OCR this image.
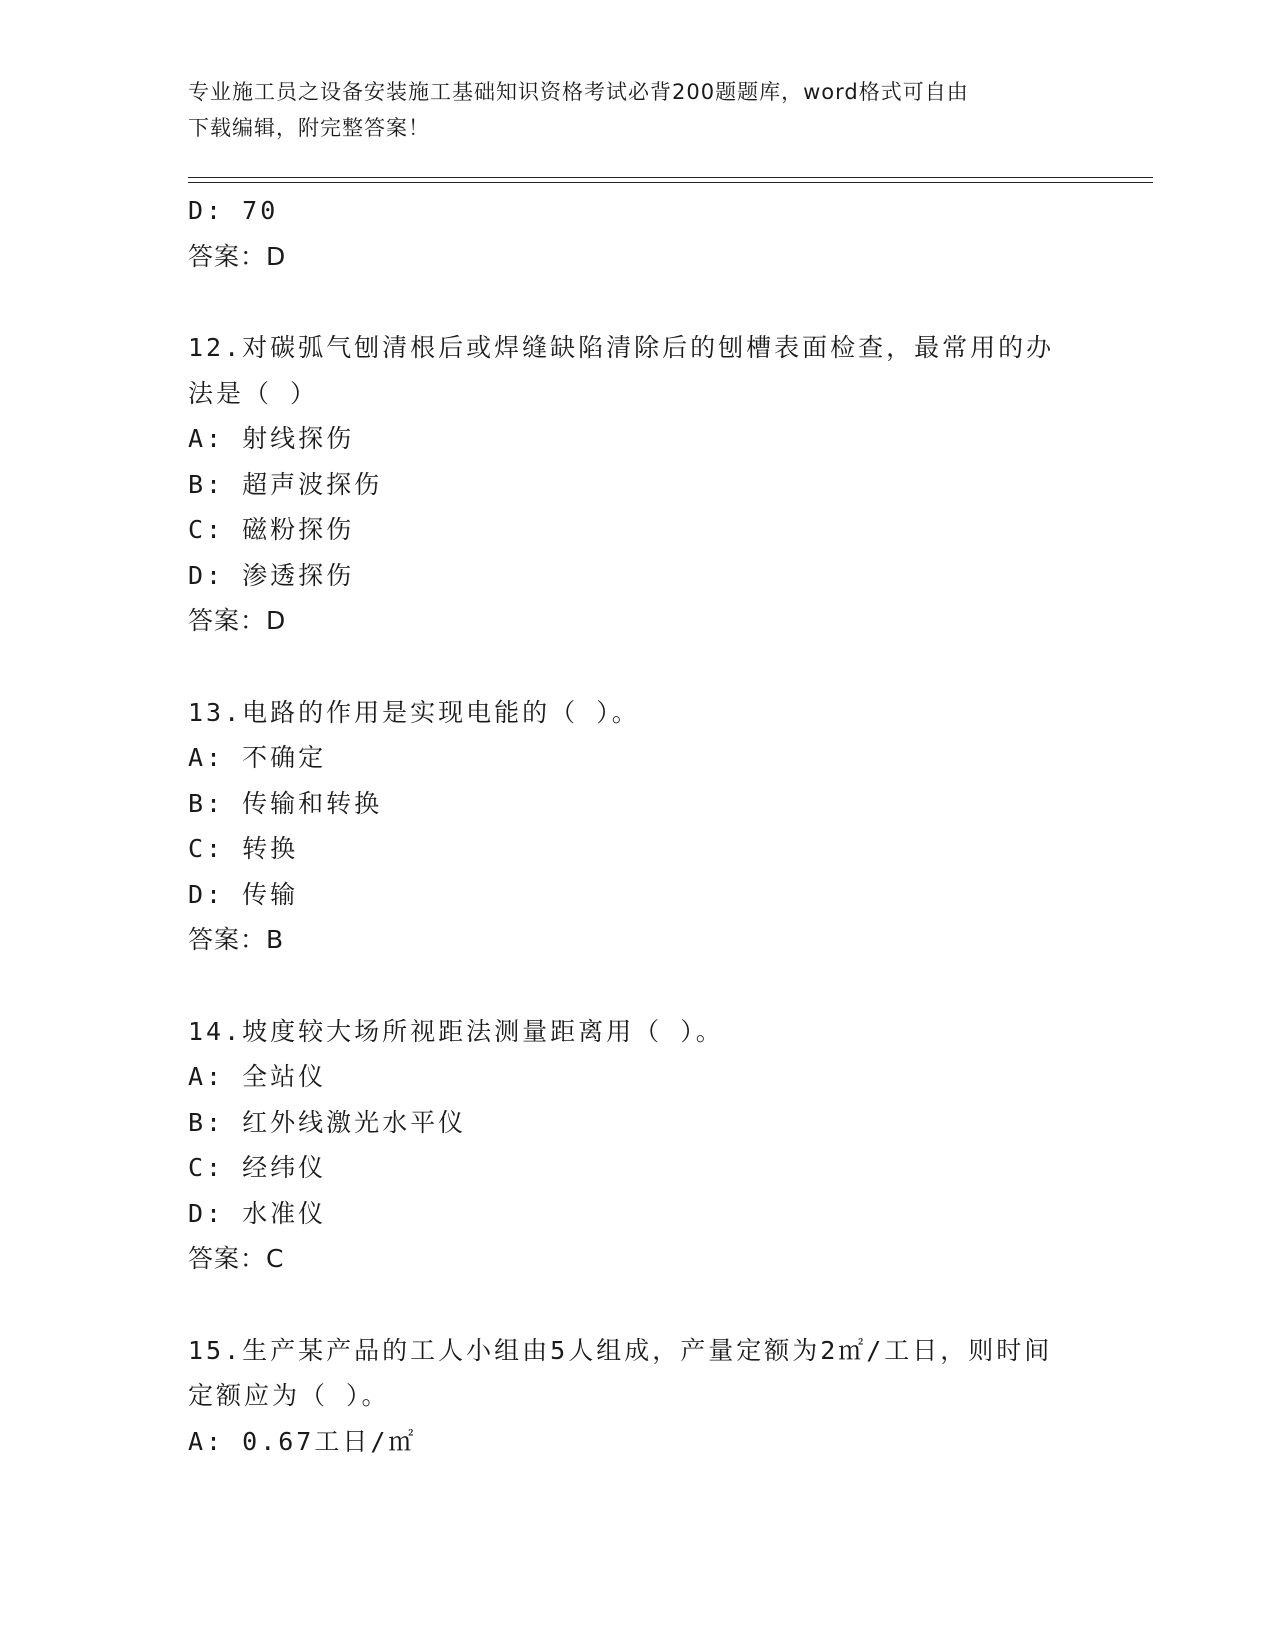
专业施工员之设备安装施工基础知识资格考试必背200题题库，word格式可自由
下载编辑，附完整答案！
D: 70
答案：D
12.对碳弧气刨清根后或焊缝缺陷清除后的刨槽表面检查，最常用的办
法是（ ）
A: 射线探伤
B: 超声波探伤
C: 磁粉探伤
D: 渗透探伤
答案：D
13.电路的作用是实现电能的（ ）。
A: 不确定
B: 传输和转换
C: 转换
D: 传输
答案：B
14.坡度较大场所视距法测量距离用（ ）。
A: 全站仪
B: 红外线激光水平仪
C: 经纬仪
D: 水准仪
答案：C
15.生产某产品的工人小组由5人组成，产量定额为2㎡/工日，则时间
定额应为（ ）。
A: 0.67工日/㎡
